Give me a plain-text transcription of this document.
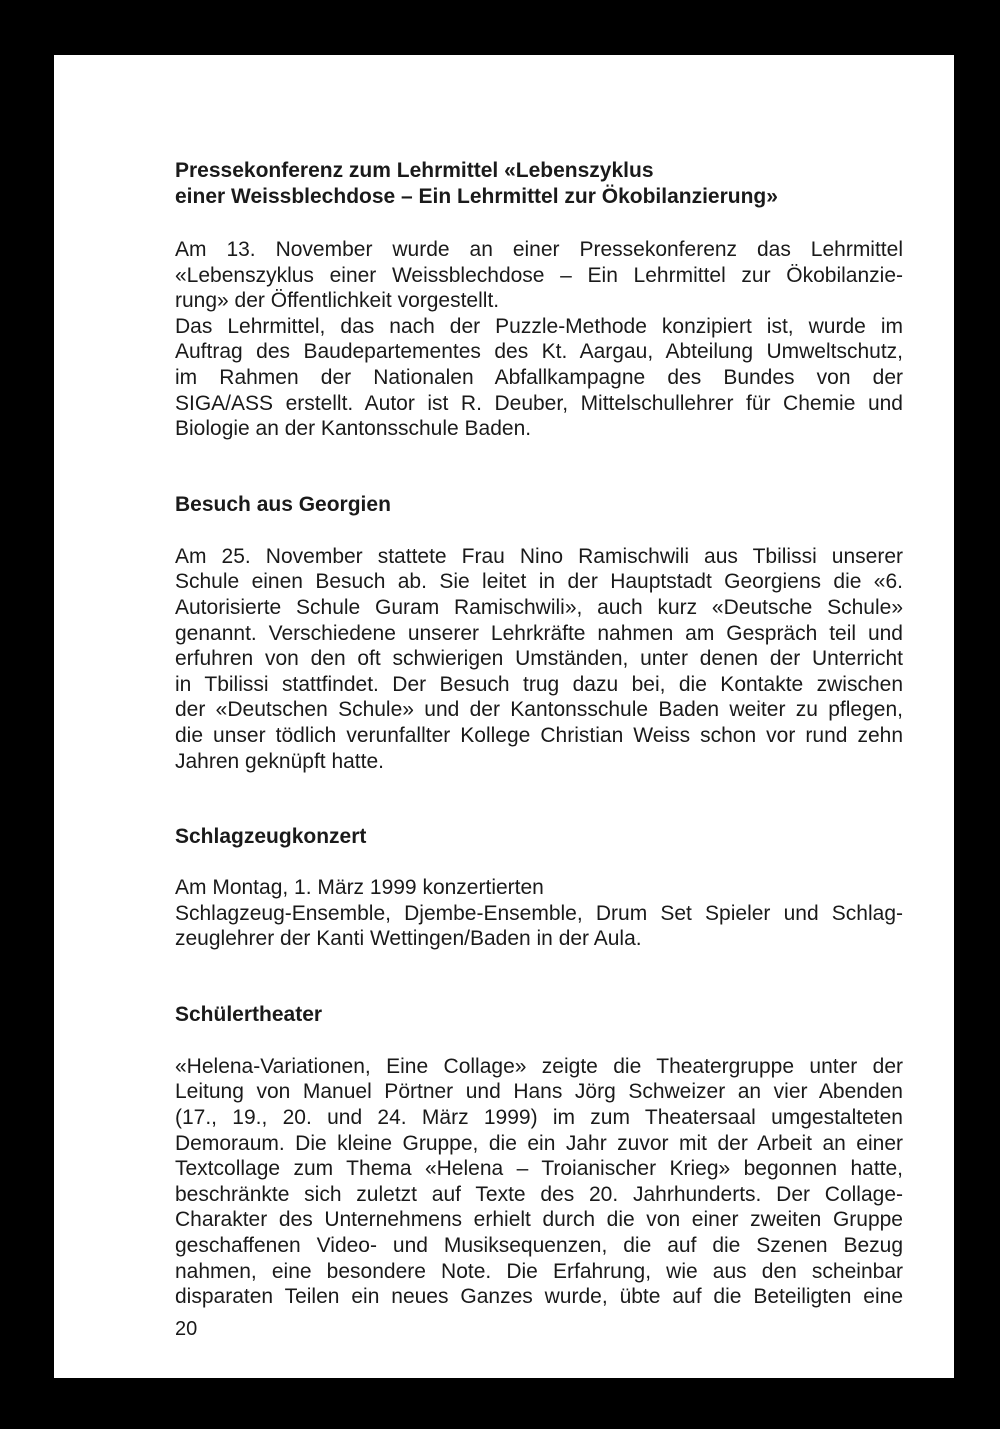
Pressekonferenz zum Lehrmittel «Lebenszyklus
einer Weissblechdose – Ein Lehrmittel zur Ökobilanzierung»

Am 13. November wurde an einer Pressekonferenz das Lehrmittel
«Lebenszyklus einer Weissblechdose – Ein Lehrmittel zur Ökobilanzie-
rung» der Öffentlichkeit vorgestellt.
Das Lehrmittel, das nach der Puzzle-Methode konzipiert ist, wurde im
Auftrag des Baudepartementes des Kt. Aargau, Abteilung Umweltschutz,
im Rahmen der Nationalen Abfallkampagne des Bundes von der
SIGA/ASS erstellt. Autor ist R. Deuber, Mittelschullehrer für Chemie und
Biologie an der Kantonsschule Baden.

Besuch aus Georgien

Am 25. November stattete Frau Nino Ramischwili aus Tbilissi unserer
Schule einen Besuch ab. Sie leitet in der Hauptstadt Georgiens die «6.
Autorisierte Schule Guram Ramischwili», auch kurz «Deutsche Schule»
genannt. Verschiedene unserer Lehrkräfte nahmen am Gespräch teil und
erfuhren von den oft schwierigen Umständen, unter denen der Unterricht
in Tbilissi stattfindet. Der Besuch trug dazu bei, die Kontakte zwischen
der «Deutschen Schule» und der Kantonsschule Baden weiter zu pflegen,
die unser tödlich verunfallter Kollege Christian Weiss schon vor rund zehn
Jahren geknüpft hatte.

Schlagzeugkonzert

Am Montag, 1. März 1999 konzertierten
Schlagzeug-Ensemble, Djembe-Ensemble, Drum Set Spieler und Schlag-
zeuglehrer der Kanti Wettingen/Baden in der Aula.

Schülertheater

«Helena-Variationen, Eine Collage» zeigte die Theatergruppe unter der
Leitung von Manuel Pörtner und Hans Jörg Schweizer an vier Abenden
(17., 19., 20. und 24. März 1999) im zum Theatersaal umgestalteten
Demoraum. Die kleine Gruppe, die ein Jahr zuvor mit der Arbeit an einer
Textcollage zum Thema «Helena – Troianischer Krieg» begonnen hatte,
beschränkte sich zuletzt auf Texte des 20. Jahrhunderts. Der Collage-
Charakter des Unternehmens erhielt durch die von einer zweiten Gruppe
geschaffenen Video- und Musiksequenzen, die auf die Szenen Bezug
nahmen, eine besondere Note. Die Erfahrung, wie aus den scheinbar
disparaten Teilen ein neues Ganzes wurde, übte auf die Beteiligten eine

20
